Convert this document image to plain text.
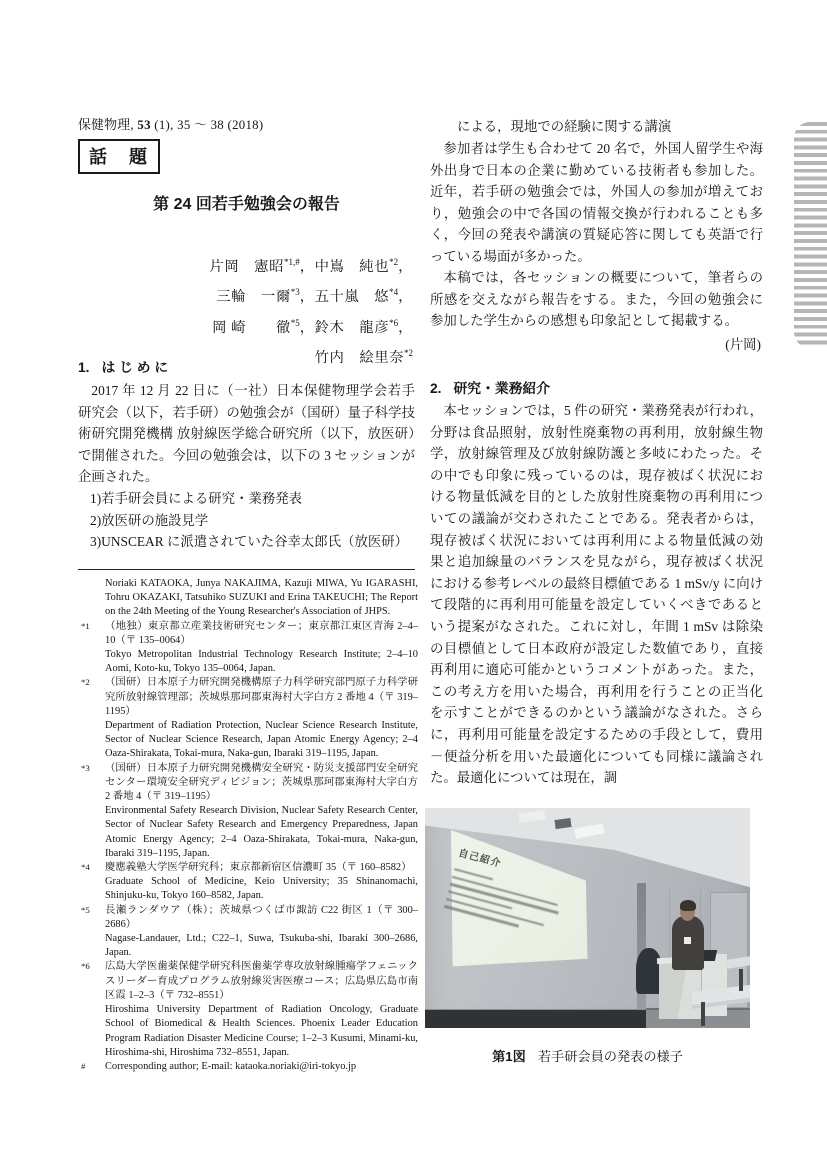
保健物理, 53 (1), 35 ～ 38 (2018)
話　題
第 24 回若手勉強会の報告
片岡　憲昭$^{*1,\#}$，中嶌　純也$^{*2}$，
三輪　一爾$^{*3}$，五十嵐　悠$^{*4}$，
岡 崎　　徹$^{*5}$，鈴木　龍彦$^{*6}$，
竹内　絵里奈$^{*2}$
1. は じ め に
2017 年 12 月 22 日に（一社）日本保健物理学会若手研究会（以下，若手研）の勉強会が（国研）量子科学技術研究開発機構 放射線医学総合研究所（以下，放医研）で開催された。今回の勉強会は，以下の 3 セッションが企画された。
1)若手研会員による研究・業務発表
2)放医研の施設見学
3)UNSCEAR に派遣されていた谷幸太郎氏（放医研）
Noriaki KATAOKA, Junya NAKAJIMA, Kazuji MIWA, Yu IGARASHI, Tohru OKAZAKI, Tatsuhiko SUZUKI and Erina TAKEUCHI; The Report on the 24th Meeting of the Young Researcher's Association of JHPS.
*1	（地独）東京都立産業技術研究センター；東京都江東区青海 2–4–10（〒 135–0064）
Tokyo Metropolitan Industrial Technology Research Institute; 2–4–10 Aomi, Koto-ku, Tokyo 135–0064, Japan.
*2	（国研）日本原子力研究開発機構原子力科学研究部門原子力科学研究所放射線管理部；茨城県那珂郡東海村大字白方 2 番地 4（〒 319–1195）
Department of Radiation Protection, Nuclear Science Research Institute, Sector of Nuclear Science Research, Japan Atomic Energy Agency; 2–4 Oaza-Shirakata, Tokai-mura, Naka-gun, Ibaraki 319–1195, Japan.
*3	（国研）日本原子力研究開発機構安全研究・防災支援部門安全研究センター環境安全研究ディビジョン；茨城県那珂郡東海村大字白方 2 番地 4（〒 319–1195）
Environmental Safety Research Division, Nuclear Safety Research Center, Sector of Nuclear Safety Research and Emergency Preparedness, Japan Atomic Energy Agency; 2–4 Oaza-Shirakata, Tokai-mura, Naka-gun, Ibaraki 319–1195, Japan.
*4	慶應義塾大学医学研究科；東京都新宿区信濃町 35（〒 160–8582）
Graduate School of Medicine, Keio University; 35 Shinanomachi, Shinjuku-ku, Tokyo 160–8582, Japan.
*5	長瀬ランダウア（株）；茨城県つくば市諏訪 C22 街区 1（〒 300–2686）
Nagase-Landauer, Ltd.; C22–1, Suwa, Tsukuba-shi, Ibaraki 300–2686, Japan.
*6	広島大学医歯薬保健学研究科医歯薬学専攻放射線腫瘍学フェニックスリーダー育成プログラム放射線災害医療コース；広島県広島市南区霞 1–2–3（〒 732–8551）
Hiroshima University Department of Radiation Oncology, Graduate School of Biomedical & Health Sciences. Phoenix Leader Education Program Radiation Disaster Medicine Course; 1–2–3 Kusumi, Minami-ku, Hiroshima-shi, Hiroshima 732–8551, Japan.
#	Corresponding author; E-mail: kataoka.noriaki@iri-tokyo.jp
による，現地での経験に関する講演
参加者は学生も合わせて 20 名で，外国人留学生や海外出身で日本の企業に勤めている技術者も参加した。近年，若手研の勉強会では，外国人の参加が増えており，勉強会の中で各国の情報交換が行われることも多く，今回の発表や講演の質疑応答に関しても英語で行っている場面が多かった。
本稿では，各セッションの概要について，筆者らの所感を交えながら報告をする。また，今回の勉強会に参加した学生からの感想も印象記として掲載する。
(片岡)
2. 研究・業務紹介
本セッションでは，5 件の研究・業務発表が行われ，分野は食品照射，放射性廃棄物の再利用，放射線生物学，放射線管理及び放射線防護と多岐にわたった。その中でも印象に残っているのは，現存被ばく状況における物量低減を目的とした放射性廃棄物の再利用についての議論が交わされたことである。発表者からは，現存被ばく状況においては再利用による物量低減の効果と追加線量のバランスを見ながら，現存被ばく状況における参考レベルの最終目標値である 1 mSv/y に向けて段階的に再利用可能量を設定していくべきであるという提案がなされた。これに対し，年間 1 mSv は除染の目標値として日本政府が設定した数値であり，直接再利用に適応可能かというコメントがあった。また，この考え方を用いた場合，再利用を行うことの正当化を示すことができるのかという議論がなされた。さらに，再利用可能量を設定するための手段として，費用－便益分析を用いた最適化についても同様に議論された。最適化については現在，調
自己紹介
第1図 若手研会員の発表の様子
